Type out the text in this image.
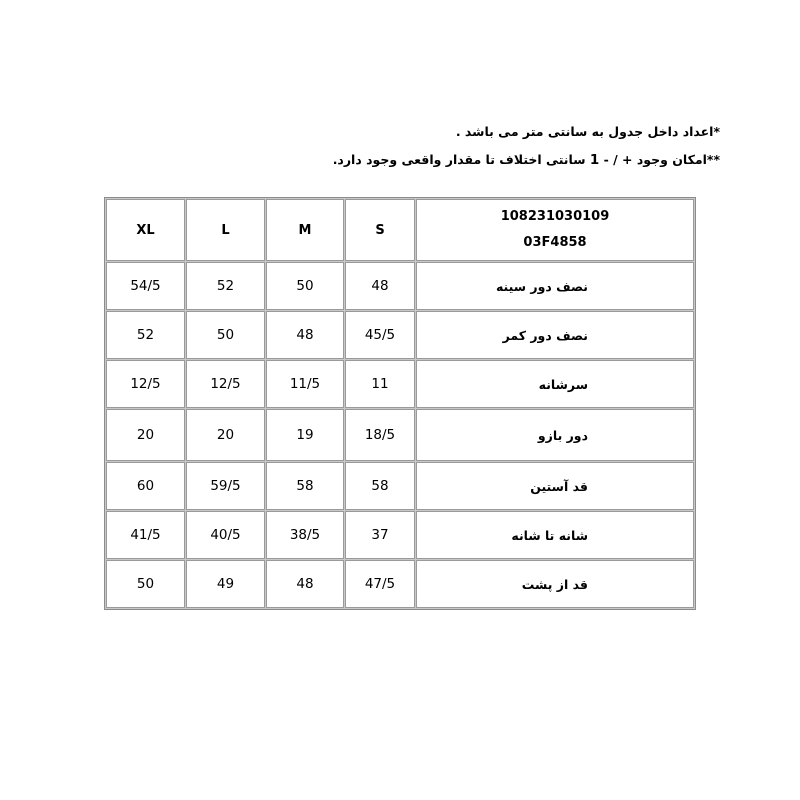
*اعداد داخل جدول به سانتی متر می باشد .
**امکان وجود + / - 1 سانتی اختلاف تا مقدار واقعی وجود دارد.
XL	L	M	S	108231030109
03F4858

54/5	52	50	48	نصف دور سینه
52	50	48	45/5	نصف دور کمر
12/5	12/5	11/5	11	سرشانه
20	20	19	18/5	دور بازو
60	59/5	58	58	قد آستین
41/5	40/5	38/5	37	شانه تا شانه
50	49	48	47/5	قد از پشت
